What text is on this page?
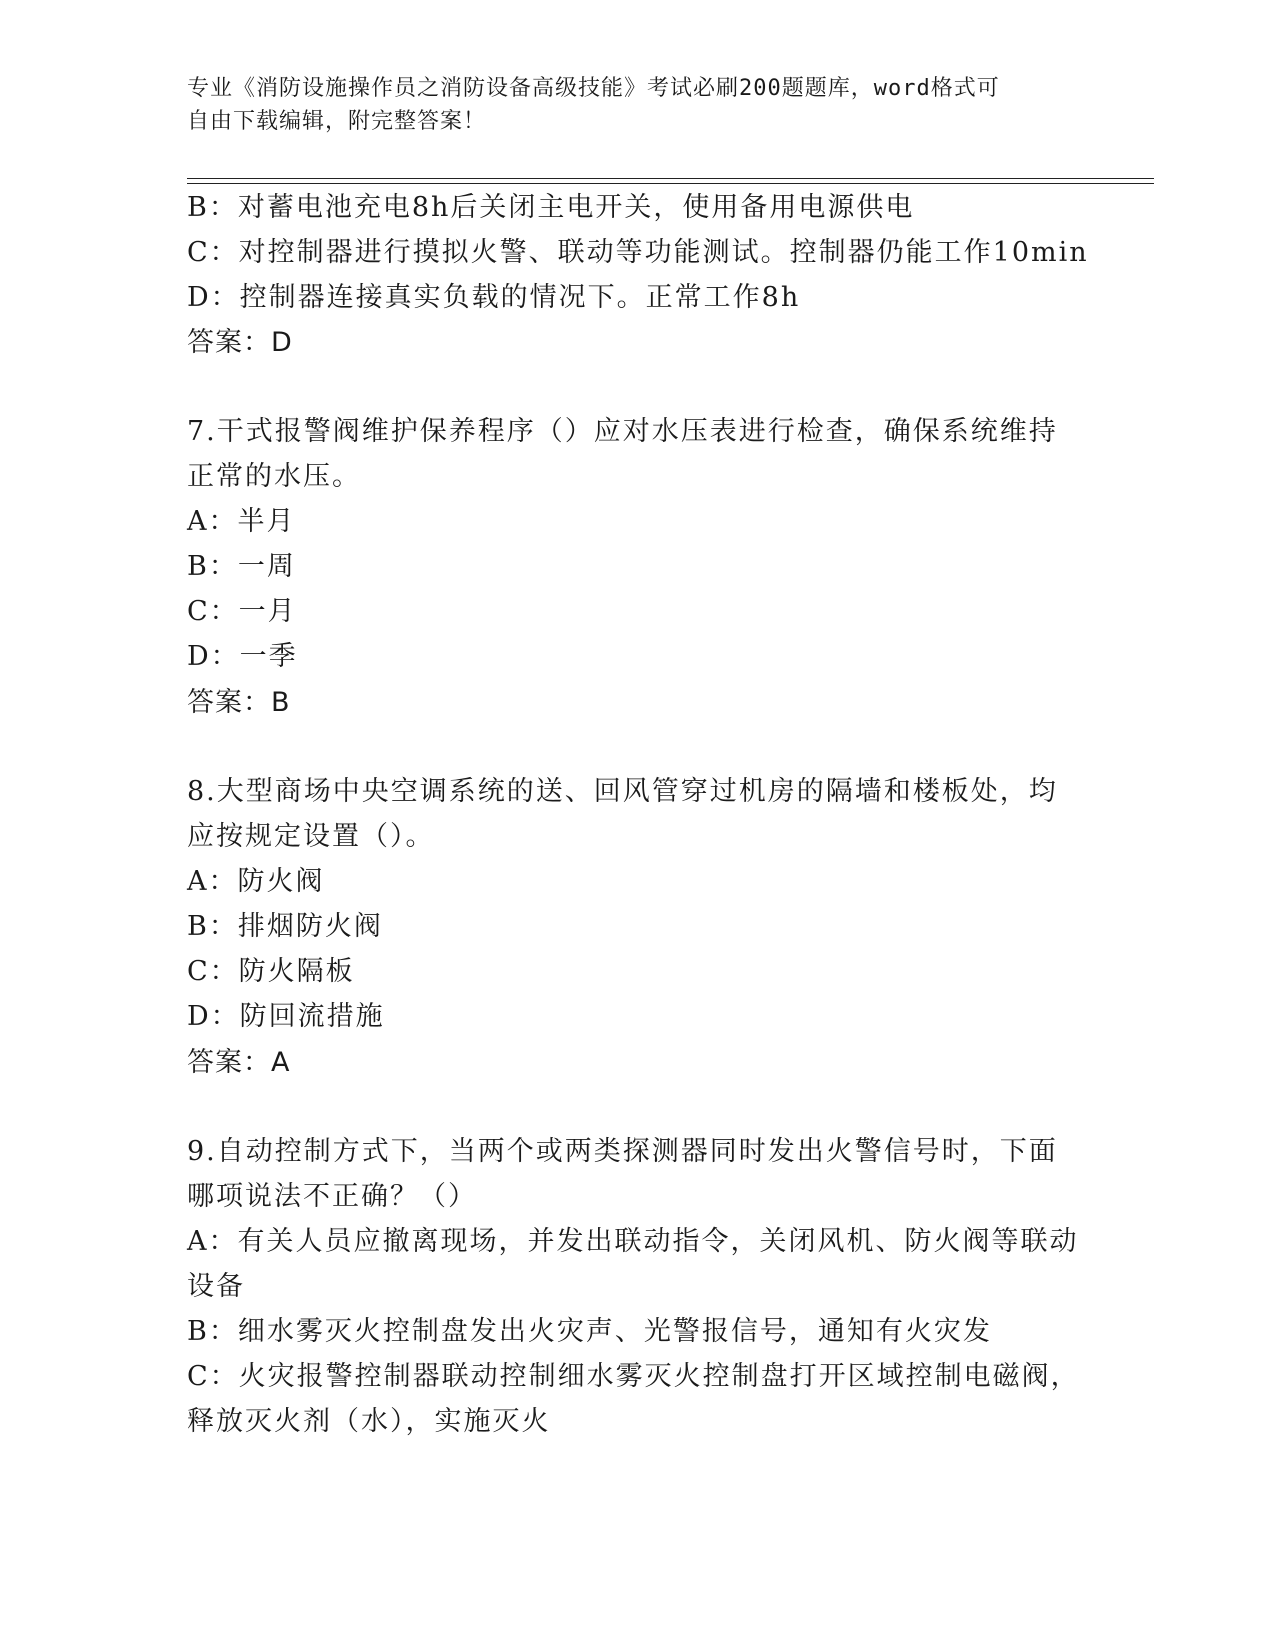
专业《消防设施操作员之消防设备高级技能》考试必刷200题题库，word格式可
自由下载编辑，附完整答案！
B：对蓄电池充电8h后关闭主电开关，使用备用电源供电
C：对控制器进行摸拟火警、联动等功能测试。控制器仍能工作10min
D：控制器连接真实负载的情况下。正常工作8h
答案：D
7.干式报警阀维护保养程序（）应对水压表进行检查，确保系统维持
正常的水压。
A：半月
B：一周
C：一月
D：一季
答案：B
8.大型商场中央空调系统的送、回风管穿过机房的隔墙和楼板处，均
应按规定设置（）。
A：防火阀
B：排烟防火阀
C：防火隔板
D：防回流措施
答案：A
9.自动控制方式下，当两个或两类探测器同时发出火警信号时，下面
哪项说法不正确？（）
A：有关人员应撤离现场，并发出联动指令，关闭风机、防火阀等联动
设备
B：细水雾灭火控制盘发出火灾声、光警报信号，通知有火灾发
C：火灾报警控制器联动控制细水雾灭火控制盘打开区域控制电磁阀，
释放灭火剂（水），实施灭火
